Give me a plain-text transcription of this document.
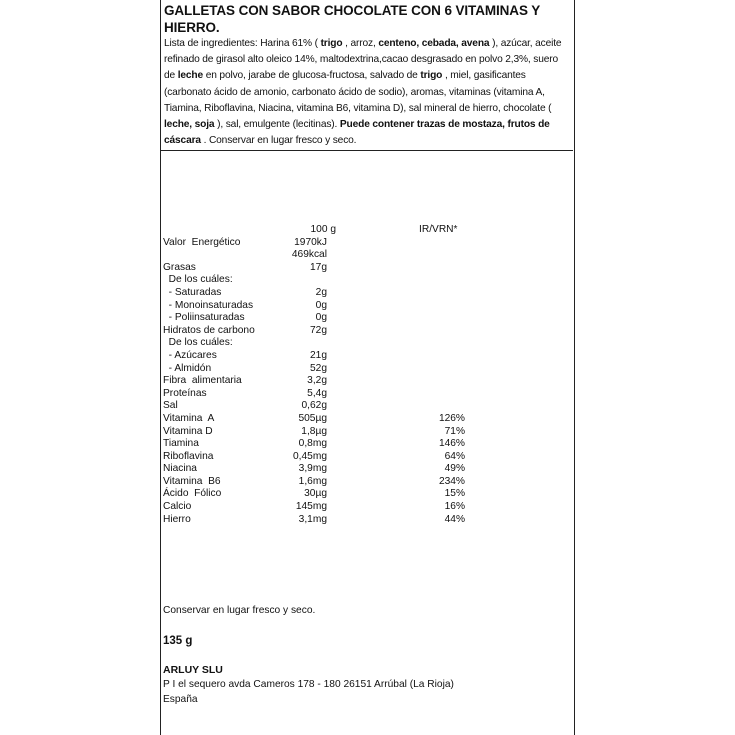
GALLETAS CON SABOR CHOCOLATE CON 6 VITAMINAS Y HIERRO.

Lista de ingredientes: Harina 61% ( trigo , arroz, centeno, cebada, avena ), azúcar, aceite refinado de girasol alto oleico 14%, maltodextrina,cacao desgrasado en polvo 2,3%, suero de leche en polvo, jarabe de glucosa-fructosa, salvado de trigo , miel, gasificantes (carbonato ácido de amonio, carbonato ácido de sodio), aromas, vitaminas (vitamina A, Tiamina, Riboflavina, Niacina, vitamina B6, vitamina D), sal mineral de hierro, chocolate ( leche, soja ), sal, emulgente (lecitinas). Puede contener trazas de mostaza, frutos de cáscara . Conservar en lugar fresco y seco.

100 g	IR/VRN*
Valor  Energético	1970kJ
469kcal
Grasas	17g
De los cuáles:
- Saturadas	2g
- Monoinsaturadas	0g
- Poliinsaturadas	0g
Hidratos de carbono	72g
De los cuáles:
- Azúcares	21g
- Almidón	52g
Fibra  alimentaria	3,2g
Proteínas	5,4g
Sal	0,62g
Vitamina  A	505µg	126%
Vitamina D	1,8µg	71%
Tiamina	0,8mg	146%
Riboflavina	0,45mg	64%
Niacina	3,9mg	49%
Vitamina  B6	1,6mg	234%
Ácido  Fólico	30µg	15%
Calcio	145mg	16%
Hierro	3,1mg	44%

Conservar en lugar fresco y seco.

135 g

ARLUY SLU

P I el sequero avda Cameros 178 - 180 26151 Arrúbal (La Rioja)

España
